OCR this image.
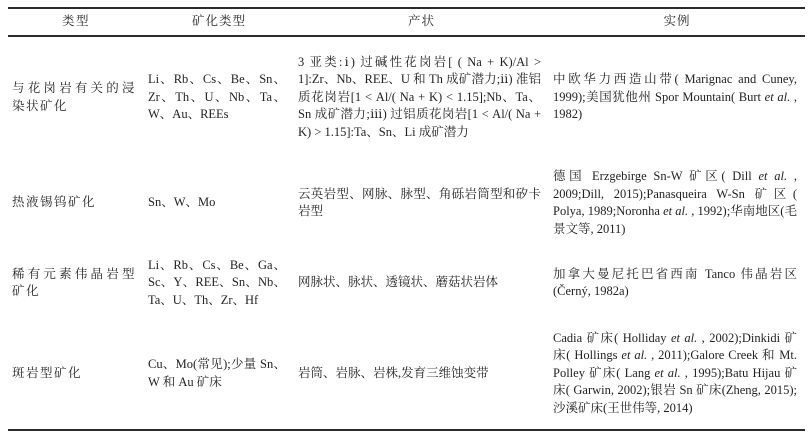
类型	矿化类型	产状	实例
与花岗岩有关的浸染状矿化	Li、Rb、Cs、Be、Sn、Zr、Th、U、Nb、Ta、W、Au、REEs	3 亚类:ⅰ) 过碱性花岗岩[ ( Na + K)/Al > 1]:Zr、Nb、REE、U 和 Th 成矿潜力;ⅱ) 准铝质花岗岩[1 < Al/( Na + K) < 1.15];Nb、Ta、Sn 成矿潜力;ⅲ) 过铝质花岗岩[1 < Al/( Na + K) > 1.15]:Ta、Sn、Li 成矿潜力	中欧华力西造山带( Marignac and Cuney, 1999);美国犹他州 Spor Mountain( Burt et al. , 1982)
热液锡钨矿化	Sn、W、Mo	云英岩型、网脉、脉型、角砾岩筒型和矽卡岩型	德国 Erzgebirge Sn-W 矿区( Dill et al. , 2009;Dill, 2015);Panasqueira W-Sn 矿区( Polya, 1989;Noronha et al. , 1992);华南地区(毛景文等, 2011)
稀有元素伟晶岩型矿化	Li、Rb、Cs、Be、Ga、Sc、Y、REE、Sn、Nb、Ta、U、Th、Zr、Hf	网脉状、脉状、透镜状、蘑菇状岩体	加拿大曼尼托巴省西南 Tanco 伟晶岩区(Černý, 1982a)
斑岩型矿化	Cu、Mo(常见);少量 Sn、W 和 Au 矿床	岩筒、岩脉、岩株,发育三维蚀变带	Cadia 矿床( Holliday et al. , 2002);Dinkidi 矿床( Hollings et al. , 2011);Galore Creek 和 Mt. Polley 矿床( Lang et al. , 1995);Batu Hijau 矿床( Garwin, 2002);银岩 Sn 矿床(Zheng, 2015);沙溪矿床(王世伟等, 2014)
